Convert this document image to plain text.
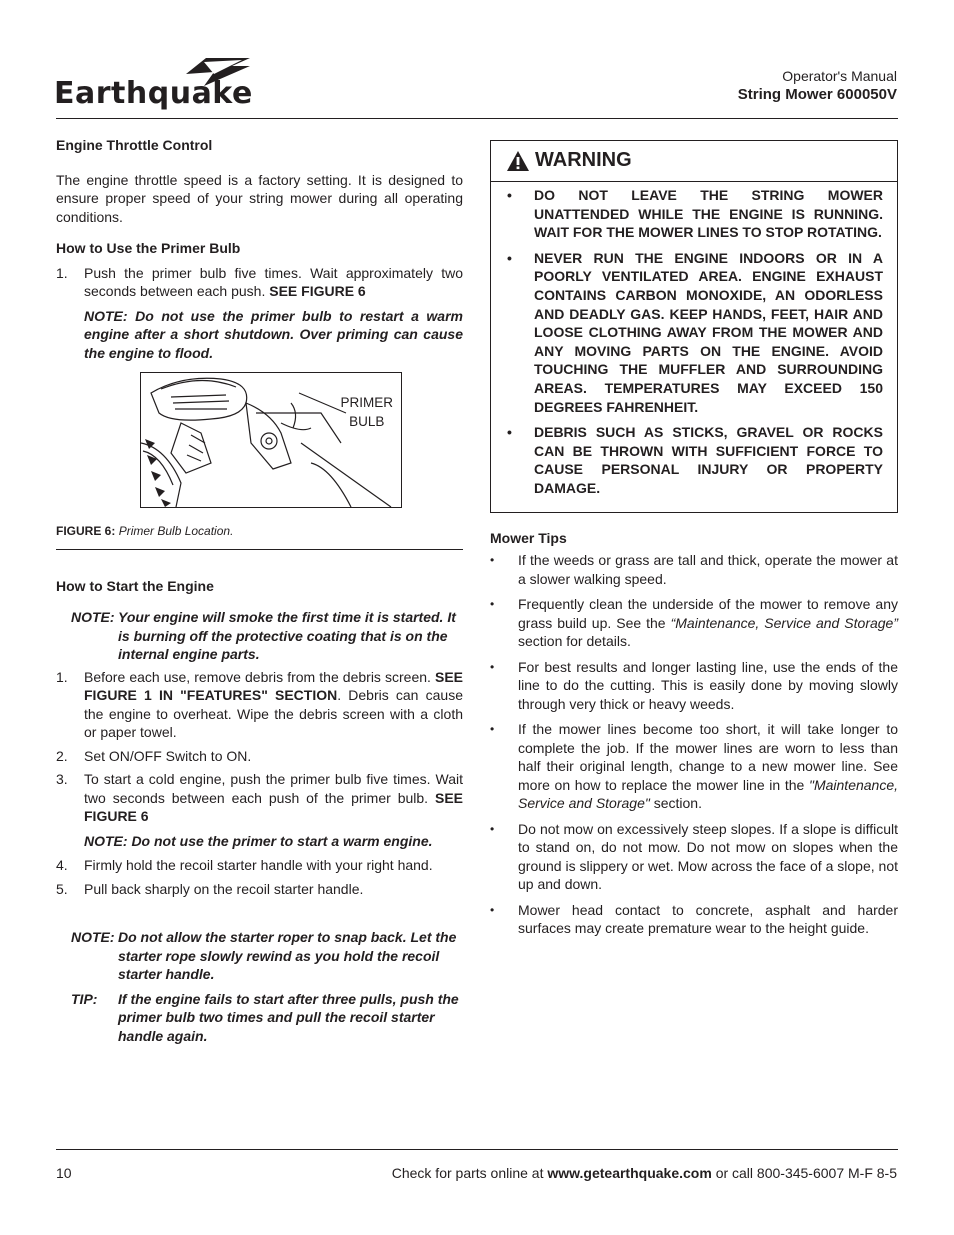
Earthquake	Operator's Manual
String Mower 600050V

Engine Throttle Control

The engine throttle speed is a factory setting. It is designed to ensure proper speed of your string mower during all operating conditions.

How to Use the Primer Bulb

1. Push the primer bulb five times. Wait approximately two seconds between each push. SEE FIGURE 6

NOTE: Do not use the primer bulb to restart a warm engine after a short shutdown. Over priming can cause the engine to flood.

PRIMER
BULB

FIGURE 6: Primer Bulb Location.

How to Start the Engine

NOTE: Your engine will smoke the first time it is started. It is burning off the protective coating that is on the internal engine parts.
1. Before each use, remove debris from the debris screen. SEE FIGURE 1 IN "FEATURES" SECTION. Debris can cause the engine to overheat. Wipe the debris screen with a cloth or paper towel.
2. Set ON/OFF Switch to ON.
3. To start a cold engine, push the primer bulb five times. Wait two seconds between each push of the primer bulb. SEE FIGURE 6

NOTE: Do not use the primer to start a warm engine.

4. Firmly hold the recoil starter handle with your right hand.
5. Pull back sharply on the recoil starter handle.
NOTE: Do not allow the starter roper to snap back. Let the starter rope slowly rewind as you hold the recoil starter handle.
TIP: If the engine fails to start after three pulls, push the primer bulb two times and pull the recoil starter handle again.
WARNING
• DO NOT LEAVE THE STRING MOWER UNATTENDED WHILE THE ENGINE IS RUNNING. WAIT FOR THE MOWER LINES TO STOP ROTATING.
• NEVER RUN THE ENGINE INDOORS OR IN A POORLY VENTILATED AREA. ENGINE EXHAUST CONTAINS CARBON MONOXIDE, AN ODORLESS AND DEADLY GAS. KEEP HANDS, FEET, HAIR AND LOOSE CLOTHING AWAY FROM THE MOWER AND ANY MOVING PARTS ON THE ENGINE. AVOID TOUCHING THE MUFFLER AND SURROUNDING AREAS. TEMPERATURES MAY EXCEED 150 DEGREES FAHRENHEIT.
• DEBRIS SUCH AS STICKS, GRAVEL OR ROCKS CAN BE THROWN WITH SUFFICIENT FORCE TO CAUSE PERSONAL INJURY OR PROPERTY DAMAGE.

Mower Tips

• If the weeds or grass are tall and thick, operate the mower at a slower walking speed.
• Frequently clean the underside of the mower to remove any grass build up. See the “Maintenance, Service and Storage” section for details.
• For best results and longer lasting line, use the ends of the line to do the cutting. This is easily done by moving slowly through very thick or heavy weeds.
• If the mower lines become too short, it will take longer to complete the job. If the mower lines are worn to less than half their original length, change to a new mower line. See more on how to replace the mower line in the "Maintenance, Service and Storage" section.
• Do not mow on excessively steep slopes. If a slope is difficult to stand on, do not mow. Do not mow on slopes when the ground is slippery or wet. Mow across the face of a slope, not up and down.
• Mower head contact to concrete, asphalt and harder surfaces may create premature wear to the height guide.
10	Check for parts online at www.getearthquake.com or call 800-345-6007 M-F 8-5
